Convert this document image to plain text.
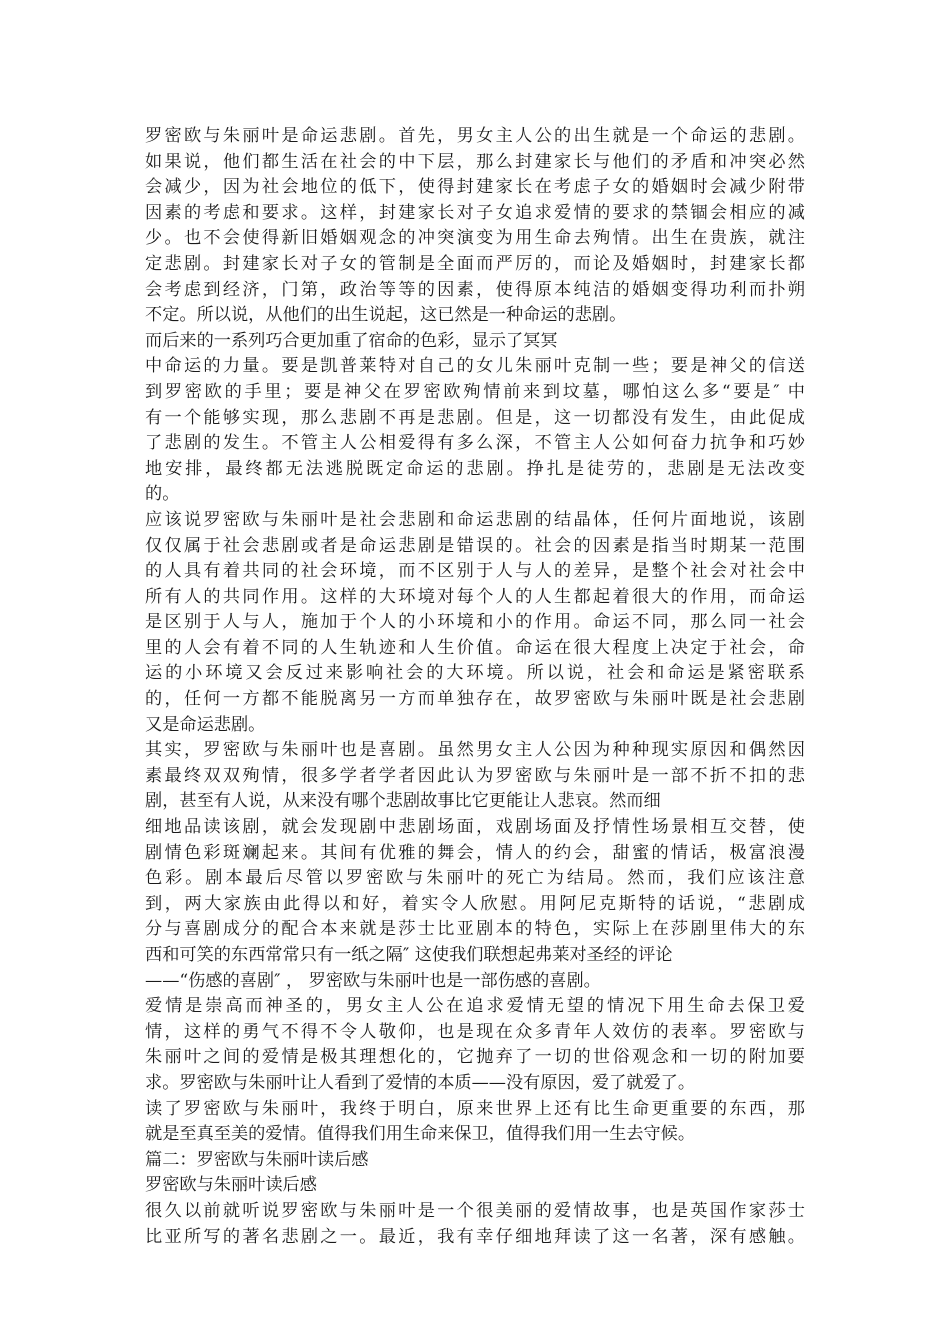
罗密欧与朱丽叶是命运悲剧。首先，男女主人公的出生就是一个命运的悲剧。
如果说，他们都生活在社会的中下层，那么封建家长与他们的矛盾和冲突必然
会减少，因为社会地位的低下，使得封建家长在考虑子女的婚姻时会减少附带
因素的考虑和要求。这样，封建家长对子女追求爱情的要求的禁锢会相应的减
少。也不会使得新旧婚姻观念的冲突演变为用生命去殉情。出生在贵族，就注
定悲剧。封建家长对子女的管制是全面而严厉的，而论及婚姻时，封建家长都
会考虑到经济，门第，政治等等的因素，使得原本纯洁的婚姻变得功利而扑朔
不定。所以说，从他们的出生说起，这已然是一种命运的悲剧。
而后来的一系列巧合更加重了宿命的色彩，显示了冥冥
中命运的力量。要是凯普莱特对自己的女儿朱丽叶克制一些；要是神父的信送
到罗密欧的手里；要是神父在罗密欧殉情前来到坟墓，哪怕这么多“要是″ 中
有一个能够实现，那么悲剧不再是悲剧。但是，这一切都没有发生，由此促成
了悲剧的发生。不管主人公相爱得有多么深，不管主人公如何奋力抗争和巧妙
地安排，最终都无法逃脱既定命运的悲剧。挣扎是徒劳的，悲剧是无法改变
的。
应该说罗密欧与朱丽叶是社会悲剧和命运悲剧的结晶体，任何片面地说，该剧
仅仅属于社会悲剧或者是命运悲剧是错误的。社会的因素是指当时期某一范围
的人具有着共同的社会环境，而不区别于人与人的差异，是整个社会对社会中
所有人的共同作用。这样的大环境对每个人的人生都起着很大的作用，而命运
是区别于人与人，施加于个人的小环境和小的作用。命运不同，那么同一社会
里的人会有着不同的人生轨迹和人生价值。命运在很大程度上决定于社会，命
运的小环境又会反过来影响社会的大环境。所以说，社会和命运是紧密联系
的，任何一方都不能脱离另一方而单独存在，故罗密欧与朱丽叶既是社会悲剧
又是命运悲剧。
其实，罗密欧与朱丽叶也是喜剧。虽然男女主人公因为种种现实原因和偶然因
素最终双双殉情，很多学者学者因此认为罗密欧与朱丽叶是一部不折不扣的悲
剧，甚至有人说，从来没有哪个悲剧故事比它更能让人悲哀。然而细
细地品读该剧，就会发现剧中悲剧场面，戏剧场面及抒情性场景相互交替，使
剧情色彩斑斓起来。其间有优雅的舞会，情人的约会，甜蜜的情话，极富浪漫
色彩。剧本最后尽管以罗密欧与朱丽叶的死亡为结局。然而，我们应该注意
到，两大家族由此得以和好，着实令人欣慰。用阿尼克斯特的话说，“悲剧成
分与喜剧成分的配合本来就是莎士比亚剧本的特色，实际上在莎剧里伟大的东
西和可笑的东西常常只有一纸之隔″ 这使我们联想起弗莱对圣经的评论
——“伤感的喜剧″ ， 罗密欧与朱丽叶也是一部伤感的喜剧。
爱情是崇高而神圣的，男女主人公在追求爱情无望的情况下用生命去保卫爱
情，这样的勇气不得不令人敬仰，也是现在众多青年人效仿的表率。罗密欧与
朱丽叶之间的爱情是极其理想化的，它抛弃了一切的世俗观念和一切的附加要
求。罗密欧与朱丽叶让人看到了爱情的本质——没有原因，爱了就爱了。
读了罗密欧与朱丽叶，我终于明白，原来世界上还有比生命更重要的东西，那
就是至真至美的爱情。值得我们用生命来保卫，值得我们用一生去守候。
篇二：罗密欧与朱丽叶读后感
罗密欧与朱丽叶读后感
很久以前就听说罗密欧与朱丽叶是一个很美丽的爱情故事，也是英国作家莎士
比亚所写的著名悲剧之一。最近，我有幸仔细地拜读了这一名著，深有感触。
